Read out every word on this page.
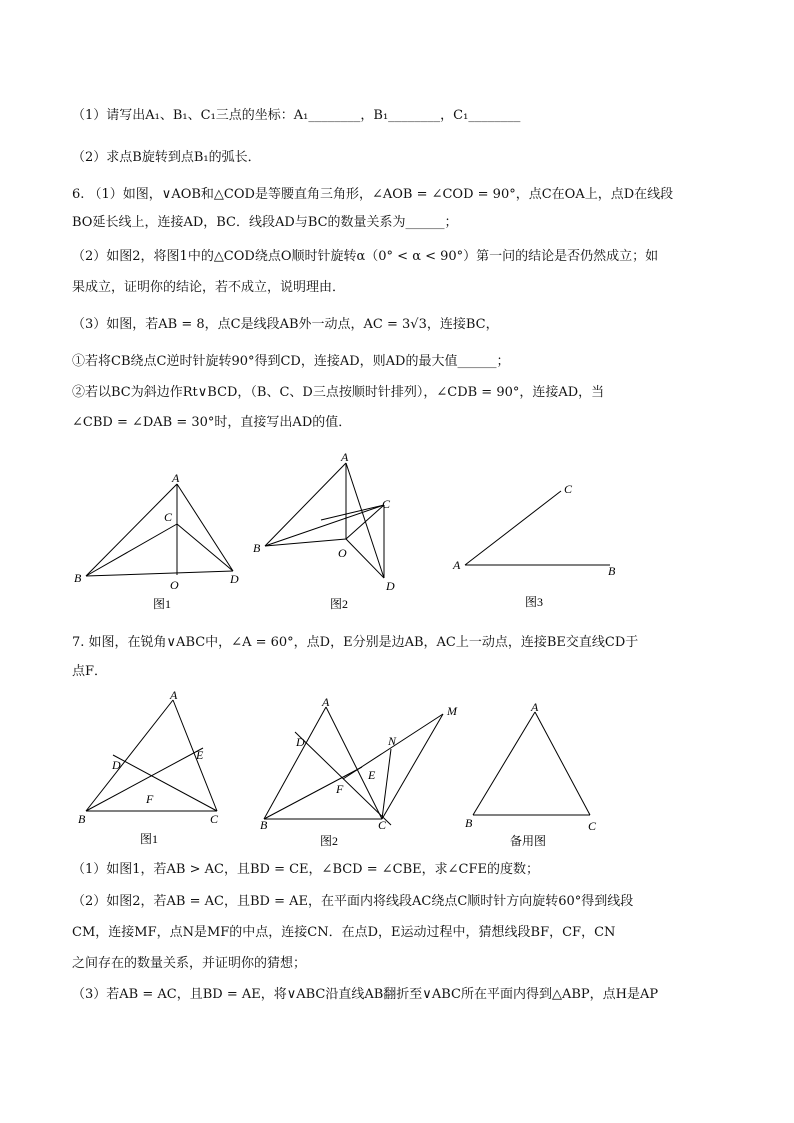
（1）请写出A₁、B₁、C₁三点的坐标：A₁________，B₁________，C₁________
（2）求点B旋转到点B₁的弧长．
6. （1）如图，∨AOB和△COD是等腰直角三角形，∠AOB = ∠COD = 90°，点C在OA上，点D在线段
BO延长线上，连接AD，BC．线段AD与BC的数量关系为______；
（2）如图2，将图1中的△COD绕点O顺时针旋转α（0° < α < 90°）第一问的结论是否仍然成立；如
果成立，证明你的结论，若不成立，说明理由．
（3）如图，若AB = 8，点C是线段AB外一动点，AC = 3√3，连接BC，
①若将CB绕点C逆时针旋转90°得到CD，连接AD，则AD的最大值______；
②若以BC为斜边作Rt∨BCD，（B、C、D三点按顺时针排列），∠CDB = 90°，连接AD，当
∠CBD = ∠DAB = 30°时，直接写出AD的值．
7. 如图，在锐角∨ABC中，∠A = 60°，点D，E分别是边AB，AC上一动点，连接BE交直线CD于
点F．
（1）如图1，若AB > AC，且BD = CE，∠BCD = ∠CBE，求∠CFE的度数；
（2）如图2，若AB = AC，且BD = AE，在平面内将线段AC绕点C顺时针方向旋转60°得到线段
CM，连接MF，点N是MF的中点，连接CN．在点D，E运动过程中，猜想线段BF，CF，CN
之间存在的数量关系，并证明你的猜想；
（3）若AB = AC，且BD = AE，将∨ABC沿直线AB翻折至∨ABC所在平面内得到△ABP，点H是AP
A
B
C
O	D
图1
A
B
C
O
D
图2
A	B
C
图3
A
B	C
D
E
F
图1
A
B	C
D
E
F
M
N
图2
A
B	C
备用图
